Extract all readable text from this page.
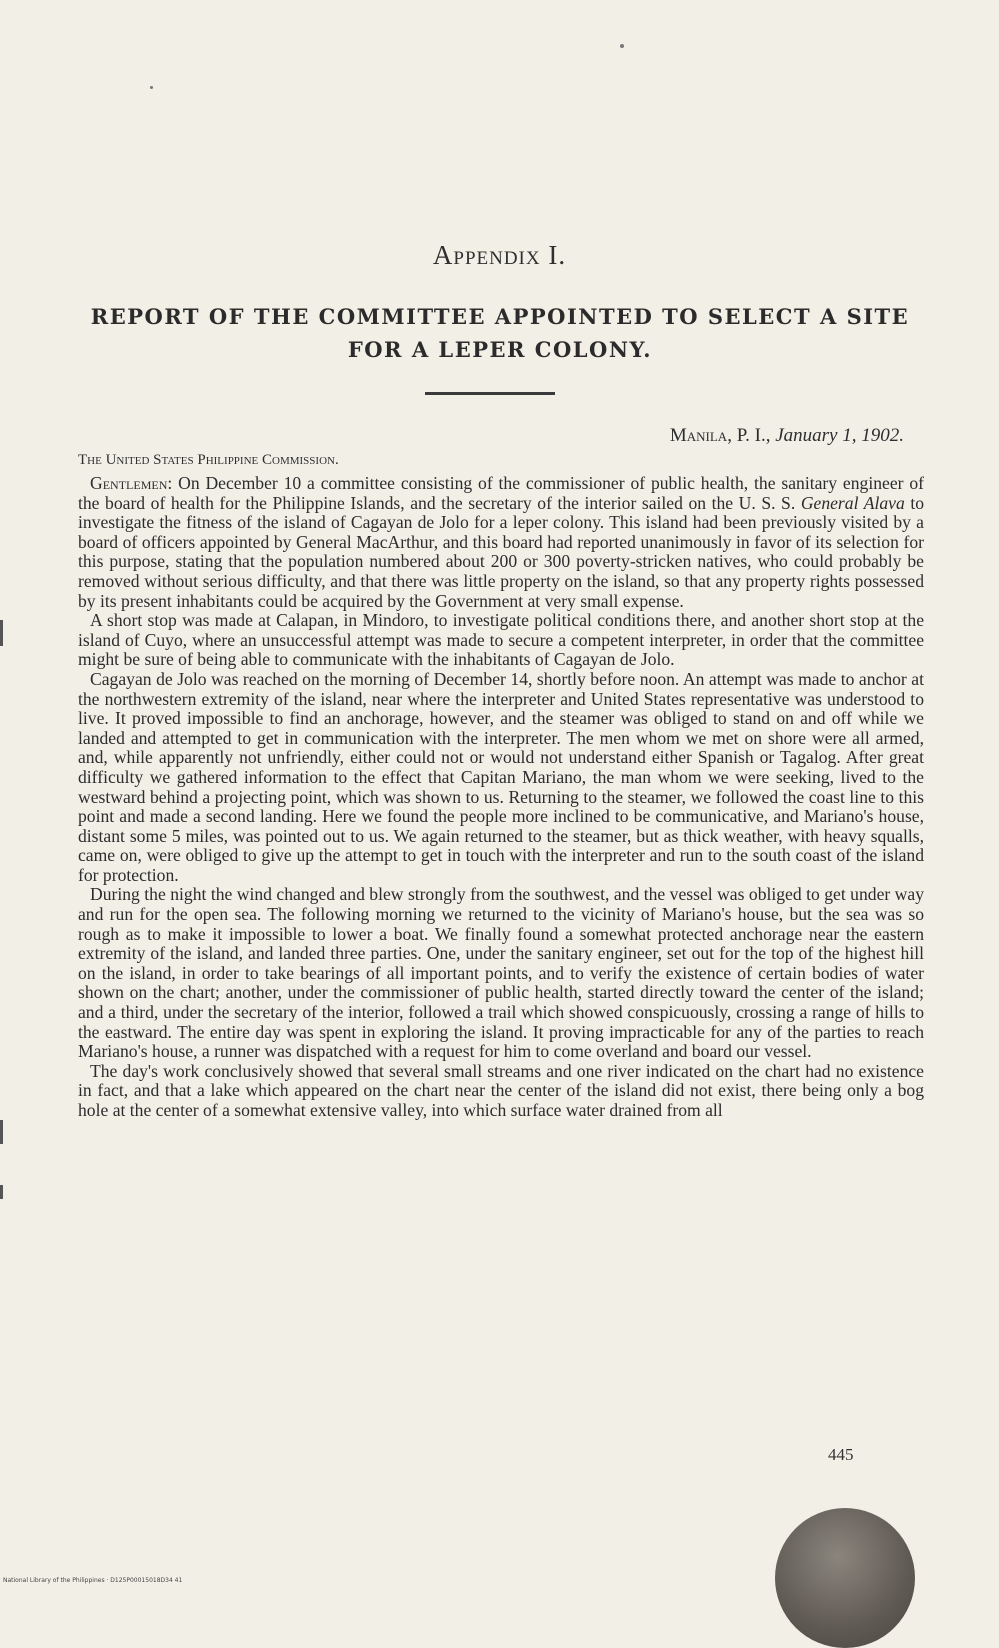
Appendix I.
REPORT OF THE COMMITTEE APPOINTED TO SELECT A SITE
FOR A LEPER COLONY.
Manila, P. I., January 1, 1902.
The United States Philippine Commission.

Gentlemen: On December 10 a committee consisting of the commissioner of public health, the sanitary engineer of the board of health for the Philippine Islands, and the secretary of the interior sailed on the U. S. S. General Alava to investigate the fitness of the island of Cagayan de Jolo for a leper colony. This island had been previously visited by a board of officers appointed by General MacArthur, and this board had reported unanimously in favor of its selection for this purpose, stating that the population numbered about 200 or 300 poverty-stricken natives, who could probably be removed without serious difficulty, and that there was little property on the island, so that any property rights possessed by its present inhabitants could be acquired by the Government at very small expense.

A short stop was made at Calapan, in Mindoro, to investigate political conditions there, and another short stop at the island of Cuyo, where an unsuccessful attempt was made to secure a competent interpreter, in order that the committee might be sure of being able to communicate with the inhabitants of Cagayan de Jolo.

Cagayan de Jolo was reached on the morning of December 14, shortly before noon. An attempt was made to anchor at the northwestern extremity of the island, near where the interpreter and United States representative was understood to live. It proved impossible to find an anchorage, however, and the steamer was obliged to stand on and off while we landed and attempted to get in communication with the interpreter. The men whom we met on shore were all armed, and, while apparently not unfriendly, either could not or would not understand either Spanish or Tagalog. After great difficulty we gathered information to the effect that Capitan Mariano, the man whom we were seeking, lived to the westward behind a projecting point, which was shown to us. Returning to the steamer, we followed the coast line to this point and made a second landing. Here we found the people more inclined to be communicative, and Mariano's house, distant some 5 miles, was pointed out to us. We again returned to the steamer, but as thick weather, with heavy squalls, came on, were obliged to give up the attempt to get in touch with the interpreter and run to the south coast of the island for protection.

During the night the wind changed and blew strongly from the southwest, and the vessel was obliged to get under way and run for the open sea. The following morning we returned to the vicinity of Mariano's house, but the sea was so rough as to make it impossible to lower a boat. We finally found a somewhat protected anchorage near the eastern extremity of the island, and landed three parties. One, under the sanitary engineer, set out for the top of the highest hill on the island, in order to take bearings of all important points, and to verify the existence of certain bodies of water shown on the chart; another, under the commissioner of public health, started directly toward the center of the island; and a third, under the secretary of the interior, followed a trail which showed conspicuously, crossing a range of hills to the eastward. The entire day was spent in exploring the island. It proving impracticable for any of the parties to reach Mariano's house, a runner was dispatched with a request for him to come overland and board our vessel.

The day's work conclusively showed that several small streams and one river indicated on the chart had no existence in fact, and that a lake which appeared on the chart near the center of the island did not exist, there being only a bog hole at the center of a somewhat extensive valley, into which surface water drained from all

445
National Library of the Philippines · D125P00015018D34 41
